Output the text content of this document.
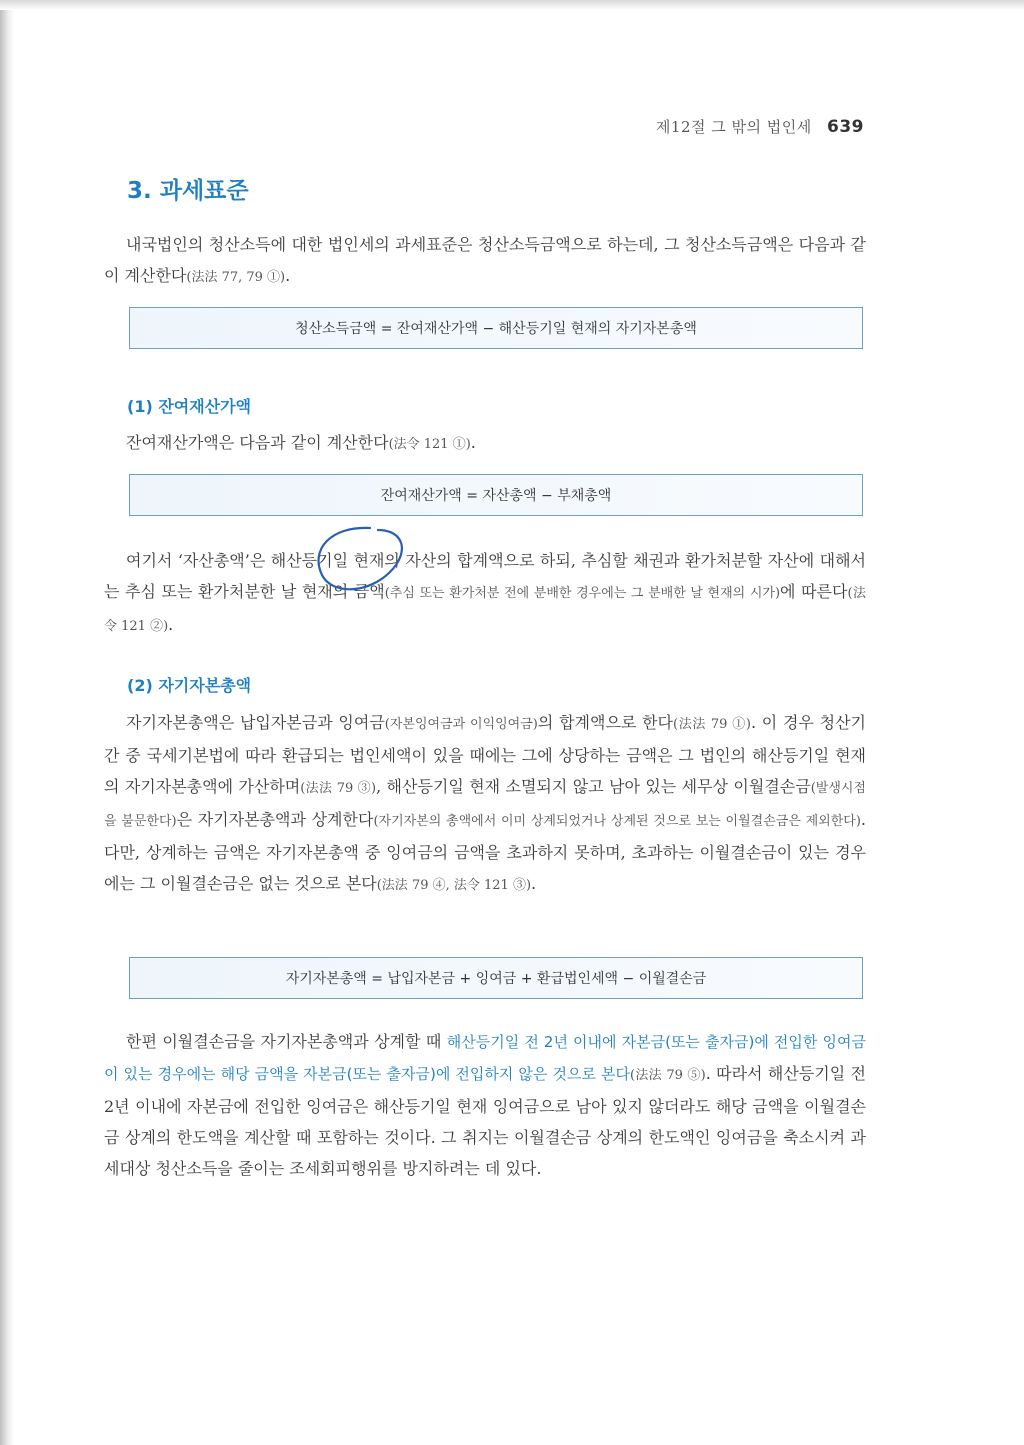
제12절 그 밖의 법인세 639
3. 과세표준

내국법인의 청산소득에 대한 법인세의 과세표준은 청산소득금액으로 하는데, 그 청산소득금액은 다음과 같이 계산한다(法法 77, 79 ①).

청산소득금액 = 잔여재산가액 − 해산등기일 현재의 자기자본총액
(1) 잔여재산가액

잔여재산가액은 다음과 같이 계산한다(法令 121 ①).

잔여재산가액 = 자산총액 − 부채총액

여기서 ‘자산총액’은 해산등기일 현재의 자산의 합계액으로 하되, 추심할 채권과 환가처분할 자산에 대해서는 추심 또는 환가처분한 날 현재의 금액(추심 또는 환가처분 전에 분배한 경우에는 그 분배한 날 현재의 시가)에 따른다(法令 121 ②).

(2) 자기자본총액

자기자본총액은 납입자본금과 잉여금(자본잉여금과 이익잉여금)의 합계액으로 한다(法法 79 ①). 이 경우 청산기간 중 국세기본법에 따라 환급되는 법인세액이 있을 때에는 그에 상당하는 금액은 그 법인의 해산등기일 현재의 자기자본총액에 가산하며(法法 79 ③), 해산등기일 현재 소멸되지 않고 남아 있는 세무상 이월결손금(발생시점을 불문한다)은 자기자본총액과 상계한다(자기자본의 총액에서 이미 상계되었거나 상계된 것으로 보는 이월결손금은 제외한다). 다만, 상계하는 금액은 자기자본총액 중 잉여금의 금액을 초과하지 못하며, 초과하는 이월결손금이 있는 경우에는 그 이월결손금은 없는 것으로 본다(法法 79 ④, 法令 121 ③).

자기자본총액 = 납입자본금 + 잉여금 + 환급법인세액 − 이월결손금

한편 이월결손금을 자기자본총액과 상계할 때 해산등기일 전 2년 이내에 자본금(또는 출자금)에 전입한 잉여금이 있는 경우에는 해당 금액을 자본금(또는 출자금)에 전입하지 않은 것으로 본다(法法 79 ⑤). 따라서 해산등기일 전 2년 이내에 자본금에 전입한 잉여금은 해산등기일 현재 잉여금으로 남아 있지 않더라도 해당 금액을 이월결손금 상계의 한도액을 계산할 때 포함하는 것이다. 그 취지는 이월결손금 상계의 한도액인 잉여금을 축소시켜 과세대상 청산소득을 줄이는 조세회피행위를 방지하려는 데 있다.
